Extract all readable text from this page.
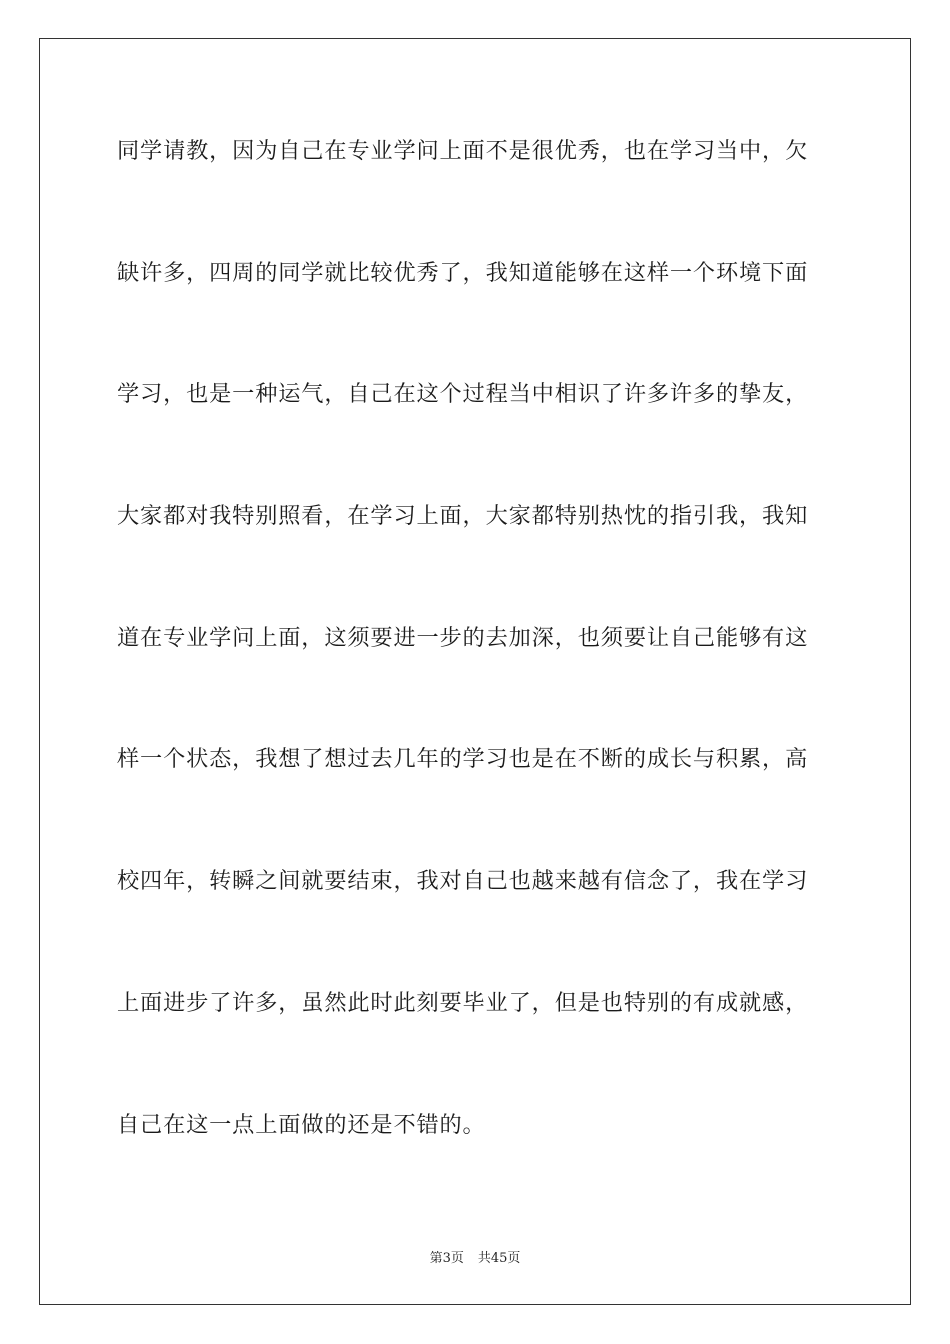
同学请教，因为自己在专业学问上面不是很优秀，也在学习当中，欠
缺许多，四周的同学就比较优秀了，我知道能够在这样一个环境下面
学习，也是一种运气，自己在这个过程当中相识了许多许多的挚友，
大家都对我特别照看，在学习上面，大家都特别热忱的指引我，我知
道在专业学问上面，这须要进一步的去加深，也须要让自己能够有这
样一个状态，我想了想过去几年的学习也是在不断的成长与积累，高
校四年，转瞬之间就要结束，我对自己也越来越有信念了，我在学习
上面进步了许多，虽然此时此刻要毕业了，但是也特别的有成就感，
自己在这一点上面做的还是不错的。
第3页 共45页
